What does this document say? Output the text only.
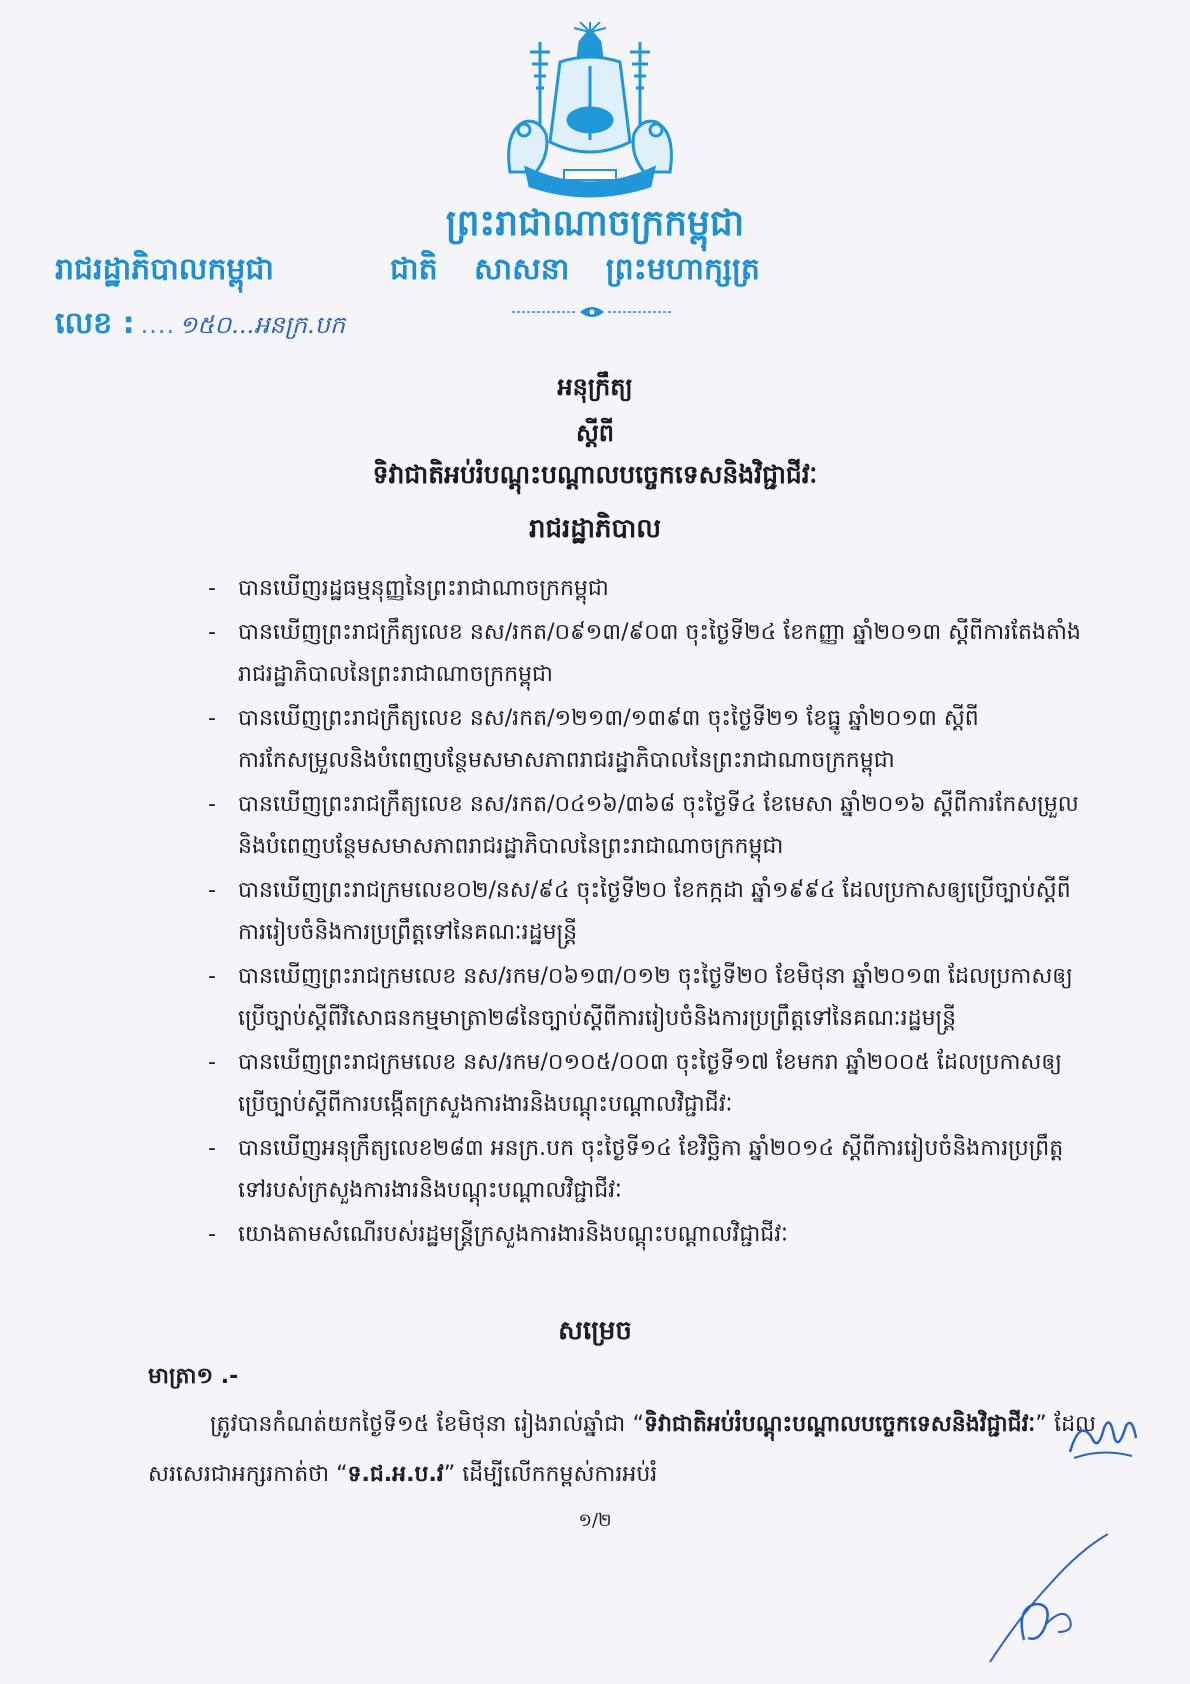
ព្រះរាជាណាចក្រកម្ពុជា
រាជរដ្ឋាភិបាលកម្ពុជា	ជាតិ សាសនា ព្រះមហាក្សត្រ
លេខ : .... ១៥០...អនក្រ.បក
អនុក្រឹត្យ
ស្តីពី
ទិវាជាតិអប់រំបណ្តុះបណ្តាលបច្ចេកទេសនិងវិជ្ជាជីវៈ
រាជរដ្ឋាភិបាល
- បានឃើញរដ្ឋធម្មនុញ្ញនៃព្រះរាជាណាចក្រកម្ពុជា
- បានឃើញព្រះរាជក្រឹត្យលេខ នស/រកត/០៩១៣/៩០៣ ចុះថ្ងៃទី២៤ ខែកញ្ញា ឆ្នាំ២០១៣ ស្តីពីការតែងតាំងរាជរដ្ឋាភិបាលនៃព្រះរាជាណាចក្រកម្ពុជា
- បានឃើញព្រះរាជក្រឹត្យលេខ នស/រកត/១២១៣/១៣៩៣ ចុះថ្ងៃទី២១ ខែធ្នូ ឆ្នាំ២០១៣ ស្តីពីការកែសម្រួលនិងបំពេញបន្ថែមសមាសភាពរាជរដ្ឋាភិបាលនៃព្រះរាជាណាចក្រកម្ពុជា
- បានឃើញព្រះរាជក្រឹត្យលេខ នស/រកត/០៤១៦/៣៦៨ ចុះថ្ងៃទី៤ ខែមេសា ឆ្នាំ២០១៦ ស្តីពីការកែសម្រួលនិងបំពេញបន្ថែមសមាសភាពរាជរដ្ឋាភិបាលនៃព្រះរាជាណាចក្រកម្ពុជា
- បានឃើញព្រះរាជក្រមលេខ០២/នស/៩៤ ចុះថ្ងៃទី២០ ខែកក្កដា ឆ្នាំ១៩៩៤ ដែលប្រកាសឲ្យប្រើច្បាប់ស្តីពីការរៀបចំនិងការប្រព្រឹត្តទៅនៃគណៈរដ្ឋមន្ត្រី
- បានឃើញព្រះរាជក្រមលេខ នស/រកម/០៦១៣/០១២ ចុះថ្ងៃទី២០ ខែមិថុនា ឆ្នាំ២០១៣ ដែលប្រកាសឲ្យប្រើច្បាប់ស្តីពីវិសោធនកម្មមាត្រា២៨នៃច្បាប់ស្តីពីការរៀបចំនិងការប្រព្រឹត្តទៅនៃគណៈរដ្ឋមន្ត្រី
- បានឃើញព្រះរាជក្រមលេខ នស/រកម/០១០៥/០០៣ ចុះថ្ងៃទី១៧ ខែមករា ឆ្នាំ២០០៥ ដែលប្រកាសឲ្យប្រើច្បាប់ស្តីពីការបង្កើតក្រសួងការងារនិងបណ្តុះបណ្តាលវិជ្ជាជីវៈ
- បានឃើញអនុក្រឹត្យលេខ២៨៣ អនក្រ.បក ចុះថ្ងៃទី១៤ ខែវិច្ឆិកា ឆ្នាំ២០១៤ ស្តីពីការរៀបចំនិងការប្រព្រឹត្តទៅរបស់ក្រសួងការងារនិងបណ្តុះបណ្តាលវិជ្ជាជីវៈ
- យោងតាមសំណើរបស់រដ្ឋមន្ត្រីក្រសួងការងារនិងបណ្តុះបណ្តាលវិជ្ជាជីវៈ
សម្រេច
មាត្រា១ .-
ត្រូវបានកំណត់យកថ្ងៃទី១៥ ខែមិថុនា រៀងរាល់ឆ្នាំជា “ទិវាជាតិអប់រំបណ្តុះបណ្តាលបច្ចេកទេសនិងវិជ្ជាជីវៈ” ដែលសរសេរជាអក្សរកាត់ថា “ទ.ជ.អ.ប.វ” ដើម្បីលើកកម្ពស់ការអប់រំ
១/២
